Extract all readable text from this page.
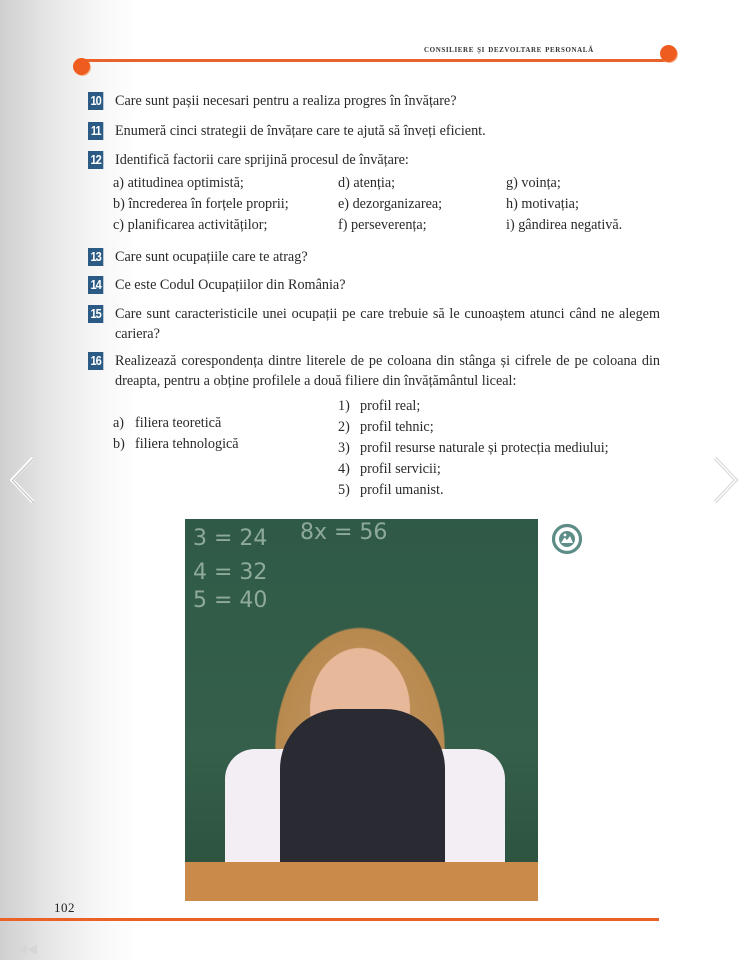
consiliere și dezvoltare personală
10 Care sunt pașii necesari pentru a realiza progres în învățare?
11 Enumeră cinci strategii de învățare care te ajută să înveți eficient.
12 Identifică factorii care sprijină procesul de învățare:
a) atitudinea optimistă;
b) încrederea în forțele proprii;
c) planificarea activităților;
d) atenția;
e) dezorganizarea;
f) perseverența;
g) voința;
h) motivația;
i) gândirea negativă.
13 Care sunt ocupațiile care te atrag?
14 Ce este Codul Ocupațiilor din România?
15 Care sunt caracteristicile unei ocupații pe care trebuie să le cunoaștem atunci când ne alegem cariera?
16 Realizează corespondența dintre literele de pe coloana din stânga și cifrele de pe coloana din dreapta, pentru a obține profilele a două filiere din învățământul liceal:
a) filiera teoretică
b) filiera tehnologică
1) profil real;
2) profil tehnic;
3) profil resurse naturale și protecția mediului;
4) profil servicii;
5) profil umanist.
3 = 24
4 = 32
5 = 40
8x = 56
102
◀◀
